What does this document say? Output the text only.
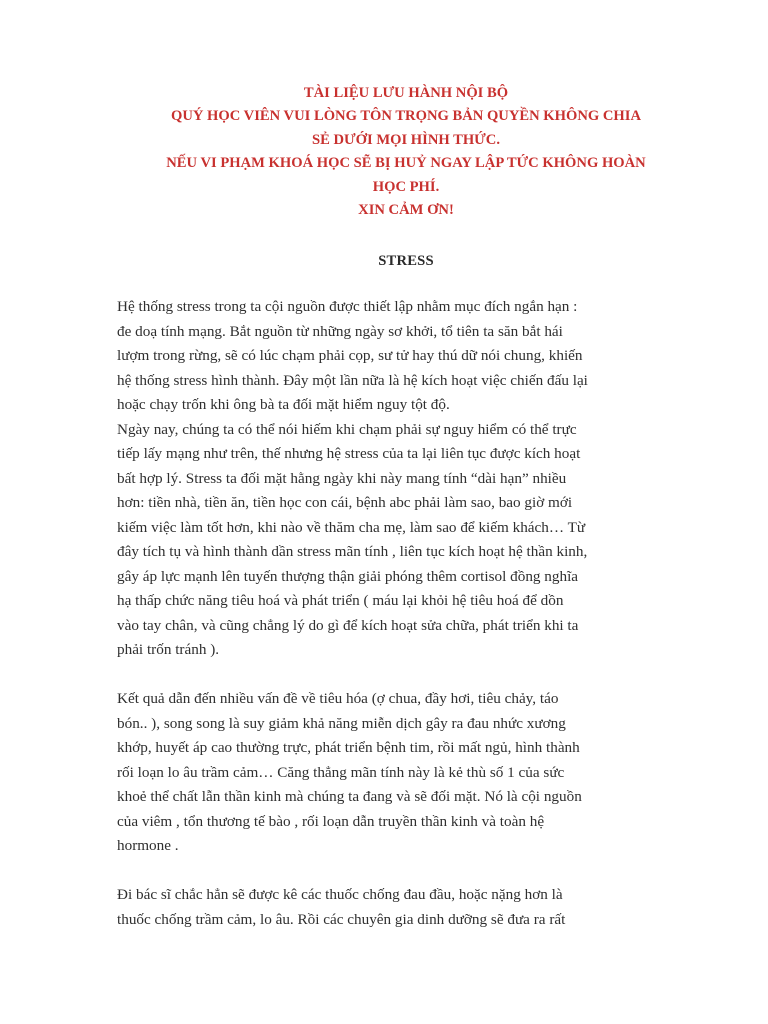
TÀI LIỆU LƯU HÀNH NỘI BỘ
QUÝ HỌC VIÊN VUI LÒNG TÔN TRỌNG BẢN QUYỀN KHÔNG CHIA
SẺ DƯỚI MỌI HÌNH THỨC.
NẾU VI PHẠM KHOÁ HỌC SẼ BỊ HUỶ NGAY LẬP TỨC KHÔNG HOÀN
HỌC PHÍ.
XIN CẢM ƠN!
STRESS
Hệ thống stress trong ta cội nguồn được thiết lập nhằm mục đích ngắn hạn :
đe doạ tính mạng. Bắt nguồn từ những ngày sơ khởi, tổ tiên ta săn bắt hái
lượm trong rừng, sẽ có lúc chạm phải cọp, sư tử hay thú dữ nói chung, khiến
hệ thống stress hình thành. Đây một lần nữa là hệ kích hoạt việc chiến đấu lại
hoặc chạy trốn khi ông bà ta đối mặt hiểm nguy tột độ.
Ngày nay, chúng ta có thể nói hiếm khi chạm phải sự nguy hiểm có thể trực
tiếp lấy mạng như trên, thế nhưng hệ stress của ta lại liên tục được kích hoạt
bất hợp lý. Stress ta đối mặt hằng ngày khi này mang tính “dài hạn” nhiều
hơn: tiền nhà, tiền ăn, tiền học con cái, bệnh abc phải làm sao, bao giờ mới
kiếm việc làm tốt hơn, khi nào về thăm cha mẹ, làm sao để kiếm khách… Từ
đây tích tụ và hình thành dần stress mãn tính , liên tục kích hoạt hệ thần kinh,
gây áp lực mạnh lên tuyến thượng thận giải phóng thêm cortisol đồng nghĩa
hạ thấp chức năng tiêu hoá và phát triển ( máu lại khỏi hệ tiêu hoá để dồn
vào tay chân, và cũng chẳng lý do gì để kích hoạt sửa chữa, phát triển khi ta
phải trốn tránh ).
Kết quả dẫn đến nhiều vấn đề về tiêu hóa (ợ chua, đầy hơi, tiêu chảy, táo
bón.. ), song song là suy giảm khả năng miễn dịch gây ra đau nhức xương
khớp, huyết áp cao thường trực, phát triển bệnh tim, rồi mất ngủ, hình thành
rối loạn lo âu trầm cảm… Căng thẳng mãn tính này là kẻ thù số 1 của sức
khoẻ thể chất lẫn thần kinh mà chúng ta đang và sẽ đối mặt. Nó là cội nguồn
của viêm , tổn thương tế bào , rối loạn dẫn truyền thần kinh và toàn hệ
hormone .
Đi bác sĩ chắc hẳn sẽ được kê các thuốc chống đau đầu, hoặc nặng hơn là
thuốc chống trầm cảm, lo âu. Rồi các chuyên gia dinh dưỡng sẽ đưa ra rất
